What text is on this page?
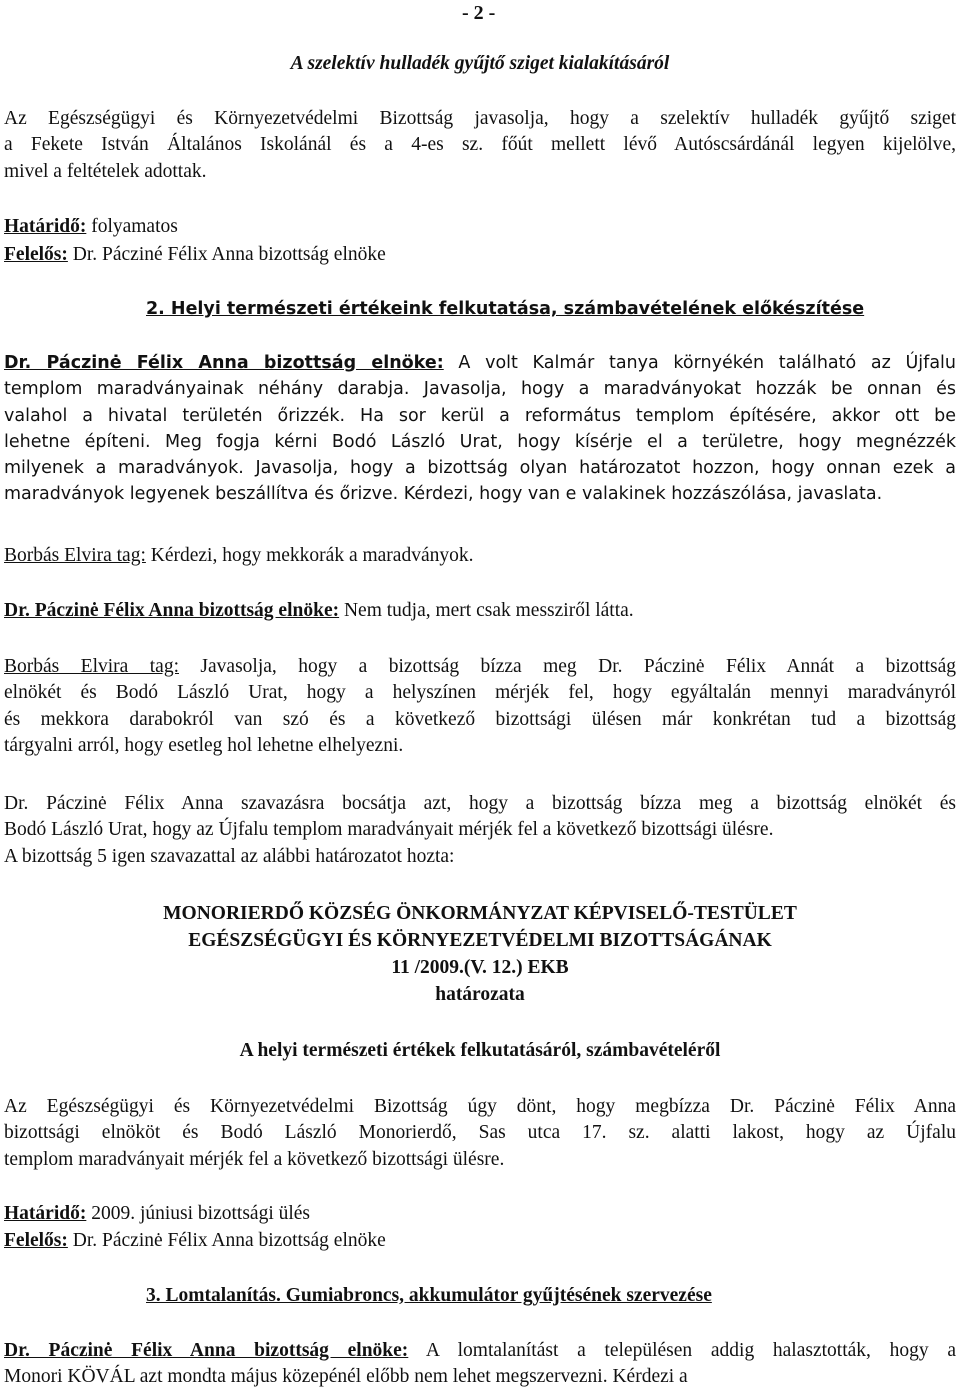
- 2 -
A szelektív hulladék gyűjtő sziget kialakításáról
Az Egészségügyi és Környezetvédelmi Bizottság javasolja, hogy a szelektív hulladék gyűjtő sziget
a Fekete István Általános Iskolánál és a 4-es sz. főút mellett lévő Autóscsárdánál legyen kijelölve,
mivel a feltételek adottak.
Határidő: folyamatos
Felelős: Dr. Pácziné Félix Anna bizottság elnöke
2. Helyi természeti értékeink felkutatása, számbavételének előkészítése
Dr. Páczinė Félix Anna bizottság elnöke: A volt Kalmár tanya környékén található az Újfalu
templom maradványainak néhány darabja. Javasolja, hogy a maradványokat hozzák be onnan és
valahol a hivatal területén őrizzék. Ha sor kerül a református templom építésére, akkor ott be
lehetne építeni. Meg fogja kérni Bodó László Urat, hogy kísérje el a területre, hogy megnézzék
milyenek a maradványok. Javasolja, hogy a bizottság olyan határozatot hozzon, hogy onnan ezek a
maradványok legyenek beszállítva és őrizve. Kérdezi, hogy van e valakinek hozzászólása, javaslata.
Borbás Elvira tag: Kérdezi, hogy mekkorák a maradványok.
Dr. Páczinė Félix Anna bizottság elnöke: Nem tudja, mert csak messziről látta.
Borbás Elvira tag: Javasolja, hogy a bizottság bízza meg Dr. Páczinė Félix Annát a bizottság
elnökét és Bodó László Urat, hogy a helyszínen mérjék fel, hogy egyáltalán mennyi maradványról
és mekkora darabokról van szó és a következő bizottsági ülésen már konkrétan tud a bizottság
tárgyalni arról, hogy esetleg hol lehetne elhelyezni.
Dr. Páczinė Félix Anna szavazásra bocsátja azt, hogy a bizottság bízza meg a bizottság elnökét és
Bodó László Urat, hogy az Újfalu templom maradványait mérjék fel a következő bizottsági ülésre.
A bizottság 5 igen szavazattal az alábbi határozatot hozta:
MONORIERDŐ KÖZSÉG ÖNKORMÁNYZAT KÉPVISELŐ-TESTÜLET
EGÉSZSÉGÜGYI ÉS KÖRNYEZETVÉDELMI BIZOTTSÁGÁNAK
11 /2009.(V. 12.) EKB
határozata
A helyi természeti értékek felkutatásáról, számbavételéről
Az Egészségügyi és Környezetvédelmi Bizottság úgy dönt, hogy megbízza Dr. Páczinė Félix Anna
bizottsági elnököt és Bodó László Monorierdő, Sas utca 17. sz. alatti lakost, hogy az Újfalu
templom maradványait mérjék fel a következő bizottsági ülésre.
Határidő: 2009. júniusi bizottsági ülés
Felelős: Dr. Páczinė Félix Anna bizottság elnöke
3. Lomtalanítás. Gumiabroncs, akkumulátor gyűjtésének szervezése
Dr. Páczinė Félix Anna bizottság elnöke: A lomtalanítást a településen addig halasztották, hogy a
Monori KÖVÁL azt mondta május közepénél előbb nem lehet megszervezni. Kérdezi a
